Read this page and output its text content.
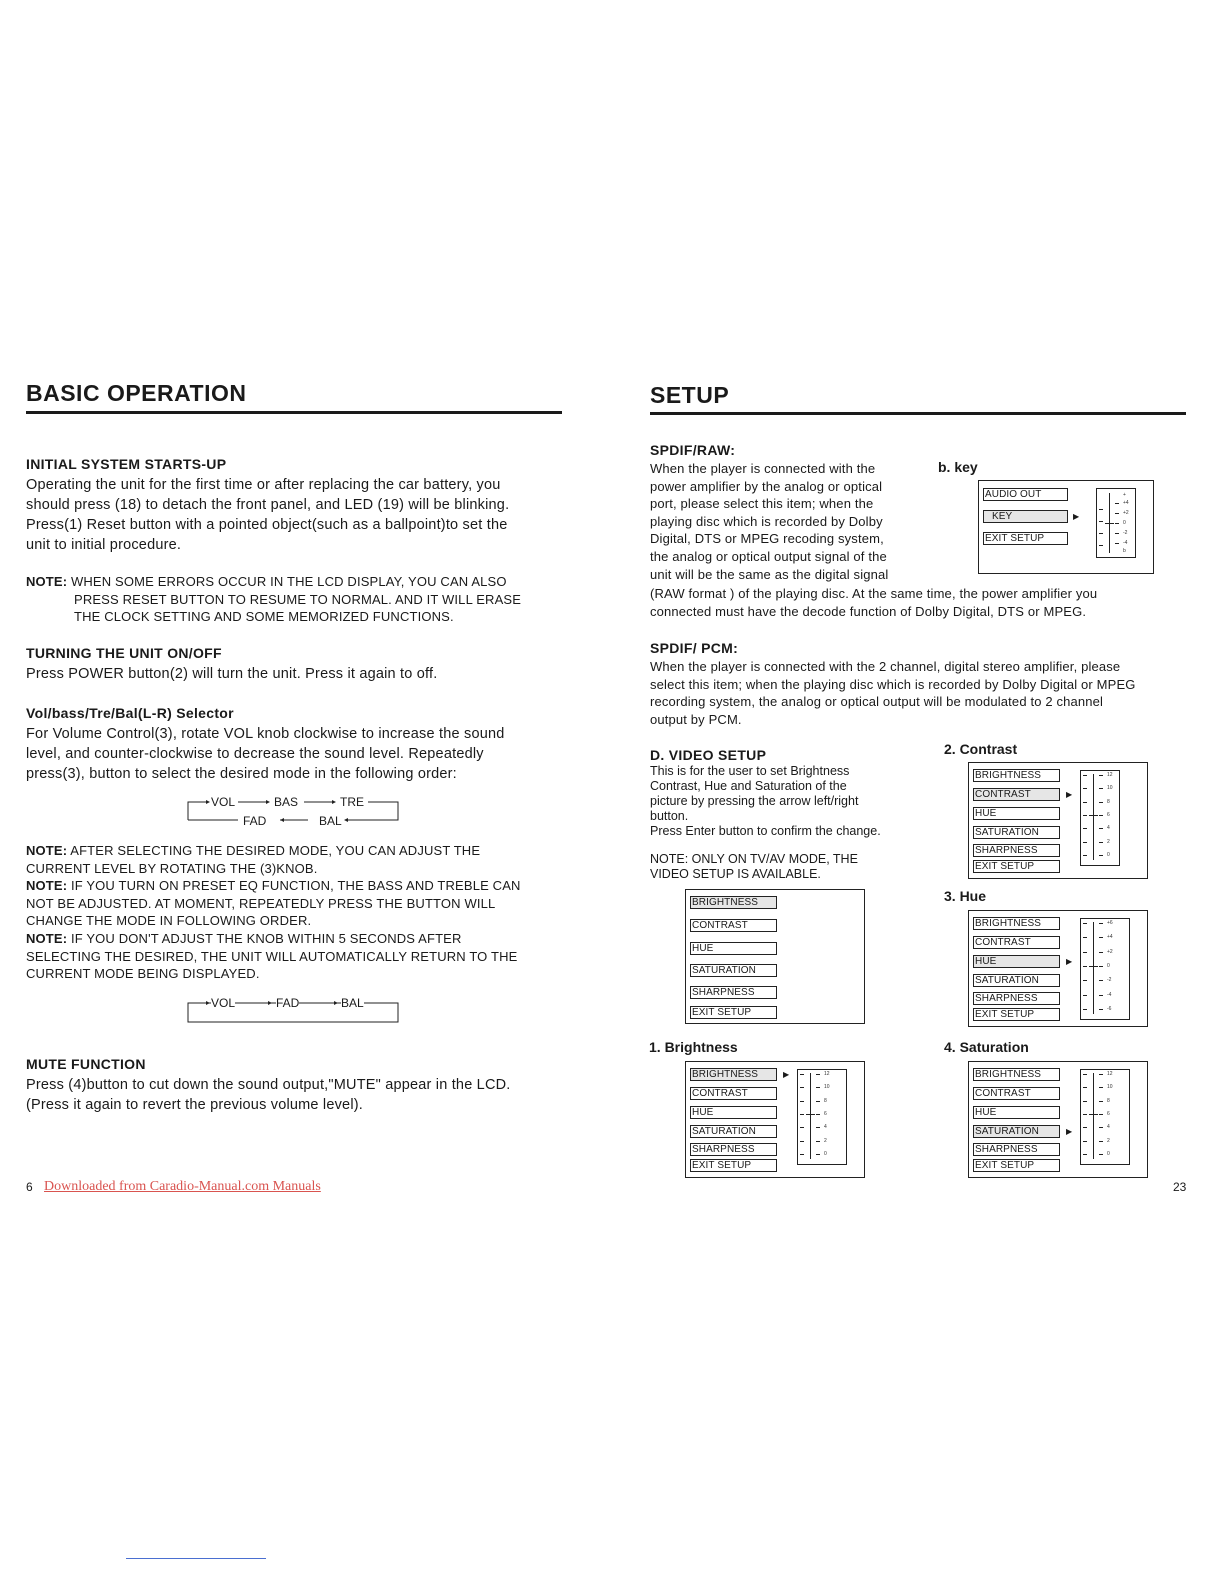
BASIC OPERATION
INITIAL SYSTEM STARTS-UP
Operating the unit for the first time or after replacing the car battery, you
should press (18) to detach the front panel, and LED (19) will be blinking.
Press(1) Reset button with a pointed object(such as a ballpoint)to set the
unit to initial procedure.
NOTE: WHEN SOME ERRORS OCCUR IN THE LCD DISPLAY, YOU CAN ALSO
PRESS RESET BUTTON TO RESUME TO NORMAL. AND IT WILL ERASE
THE CLOCK SETTING AND SOME MEMORIZED FUNCTIONS.
TURNING THE UNIT ON/OFF
Press POWER button(2) will turn the unit. Press it again to off.
Vol/bass/Tre/Bal(L-R) Selector
For Volume Control(3), rotate VOL knob clockwise to increase the sound
level, and counter-clockwise to decrease the sound level. Repeatedly
press(3), button to select the desired mode in the following order:
VOL	BAS	TRE
FAD	BAL
NOTE: AFTER SELECTING THE DESIRED MODE, YOU CAN ADJUST THE
CURRENT LEVEL BY ROTATING THE (3)KNOB.
NOTE: IF YOU TURN ON PRESET EQ FUNCTION, THE BASS AND TREBLE CAN
NOT BE ADJUSTED. AT MOMENT, REPEATEDLY PRESS THE BUTTON WILL
CHANGE THE MODE IN FOLLOWING ORDER.
NOTE: IF YOU DON'T ADJUST THE KNOB WITHIN 5 SECONDS AFTER
SELECTING THE DESIRED, THE UNIT WILL AUTOMATICALLY RETURN TO THE
CURRENT MODE BEING DISPLAYED.
VOL	FAD	BAL
MUTE FUNCTION
Press (4)button to cut down the sound output,"MUTE" appear in the LCD.
(Press it again to revert the previous volume level).
6 Downloaded from Caradio-Manual.com Manuals
SETUP
SPDIF/RAW:
When the player is connected with the
power amplifier by the analog or optical
port, please select this item; when the
playing disc which is recorded by Dolby
Digital, DTS or MPEG recoding system,
the analog or optical output signal of the
unit will be the same as the digital signal
(RAW format ) of the playing disc. At the same time, the power amplifier you
connected must have the decode function of Dolby Digital, DTS or MPEG.
b. key
AUDIO OUT
KEY
EXIT SETUP
▶
+
+4
+2
0
-2
-4
b
SPDIF/ PCM:
When the player is connected with the 2 channel, digital stereo amplifier, please
select this item; when the playing disc which is recorded by Dolby Digital or MPEG
recording system, the analog or optical output will be modulated to 2 channel
output by PCM.
D. VIDEO SETUP
This is for the user to set Brightness
Contrast, Hue and Saturation of the
picture by pressing the arrow left/right
button.
Press Enter button to confirm the change.
NOTE: ONLY ON TV/AV MODE, THE
VIDEO SETUP IS AVAILABLE.
BRIGHTNESS
CONTRAST
HUE
SATURATION
SHARPNESS
EXIT SETUP
2. Contrast
BRIGHTNESS
CONTRAST
HUE
SATURATION
SHARPNESS
EXIT SETUP
▶
12
10
8
6
4
2
0
3. Hue
BRIGHTNESS
CONTRAST
HUE
SATURATION
SHARPNESS
EXIT SETUP
▶
+6
+4
+2
0
-2
-4
-6
1. Brightness
BRIGHTNESS
CONTRAST
HUE
SATURATION
SHARPNESS
EXIT SETUP
▶	12
10
8
6
4
2
0
4. Saturation
BRIGHTNESS
CONTRAST
HUE
SATURATION
SHARPNESS
EXIT SETUP
▶
12
10
8
6
4
2
0
23
